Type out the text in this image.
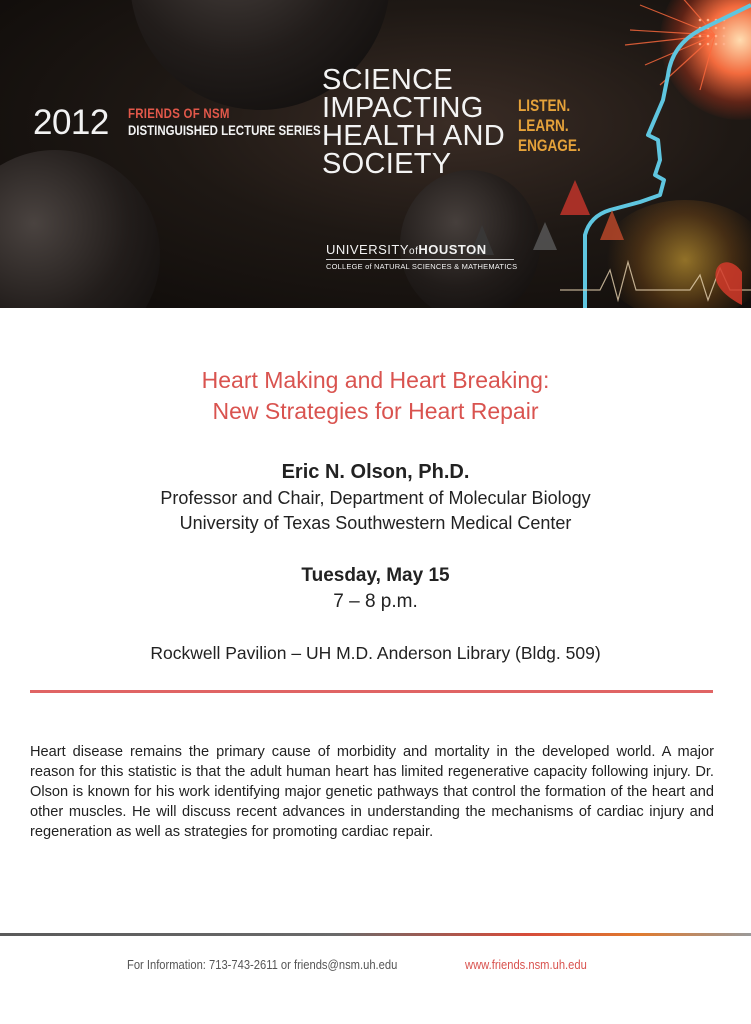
2012 FRIENDS OF NSM
DISTINGUISHED LECTURE SERIES
SCIENCE
IMPACTING
HEALTH AND
SOCIETY
LISTEN.
LEARN.
ENGAGE.
UNIVERSITYofHOUSTON
COLLEGE of NATURAL SCIENCES & MATHEMATICS
Heart Making and Heart Breaking:
New Strategies for Heart Repair
Eric N. Olson, Ph.D.
Professor and Chair, Department of Molecular Biology
University of Texas Southwestern Medical Center
Tuesday, May 15
7 – 8 p.m.
Rockwell Pavilion – UH M.D. Anderson Library (Bldg. 509)

Heart disease remains the primary cause of morbidity and mortality in the developed world. A major reason for this statistic is that the adult human heart has limited regenerative capacity following injury. Dr. Olson is known for his work identifying major genetic pathways that control the formation of the heart and other muscles. He will discuss recent advances in understanding the mechanisms of cardiac injury and regeneration as well as strategies for promoting cardiac repair.

For Information: 713-743-2611 or friends@nsm.uh.edu	www.friends.nsm.uh.edu
